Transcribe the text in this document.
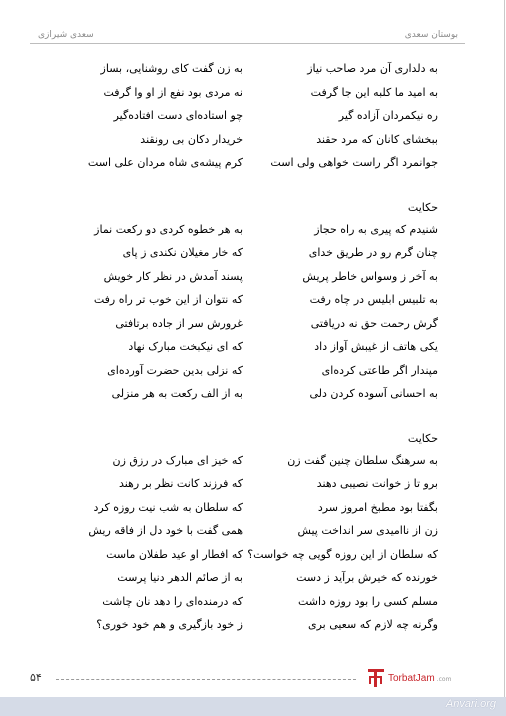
بوستان سعدی
سعدی شیرازی
به دلداری آن مرد صاحب نیاز
به زن گفت کای روشنایی، بساز
به امید ما کلبه این جا گرفت
نه مردی بود نفع از او وا گرفت
ره نیکمردان آزاده گیر
چو استاده‌ای دست افتاده‌گیر
ببخشای کانان که مرد حقند
خریدار دکان بی رونقند
جوانمرد اگر راست خواهی ولی است
کرم پیشه‌ی شاه مردان علی است
حکایت
شنیدم که پیری به راه حجاز
به هر خطوه کردی دو رکعت نماز
چنان گرم رو در طریق خدای
که خار مغیلان نکندی ز پای
به آخر ز وسواس خاطر پریش
پسند آمدش در نظر کار خویش
به تلبیس ابلیس در چاه رفت
که نتوان از این خوب تر راه رفت
گرش رحمت حق نه دریافتی
غرورش سر از جاده برتافتی
یکی هاتف از غیبش آواز داد
که ای نیکبخت مبارک نهاد
مپندار اگر طاعتی کرده‌ای
که نزلی بدین حضرت آورده‌ای
به احسانی آسوده کردن دلی
به از الف رکعت به هر منزلی
حکایت
به سرهنگ سلطان چنین گفت زن
که خیز ای مبارک در رزق زن
برو تا ز خوانت نصیبی دهند
که فرزند کانت نظر بر رهند
بگفتا بود مطبخ امروز سرد
که سلطان به شب نیت روزه کرد
زن از ناامیدی سر انداخت پیش
همی گفت با خود دل از فاقه ریش
که سلطان از این روزه گویی چه خواست؟
که افطار او عید طفلان ماست
خورنده که خیرش برآید ز دست
به از صائم الدهر دنیا پرست
مسلم کسی را بود روزه داشت
که درمنده‌ای را دهد نان چاشت
وگرنه چه لازم که سعیی بری
ز خود بازگیری و هم خود خوری؟
۵۴	TorbatJam .com
Anvari.org
